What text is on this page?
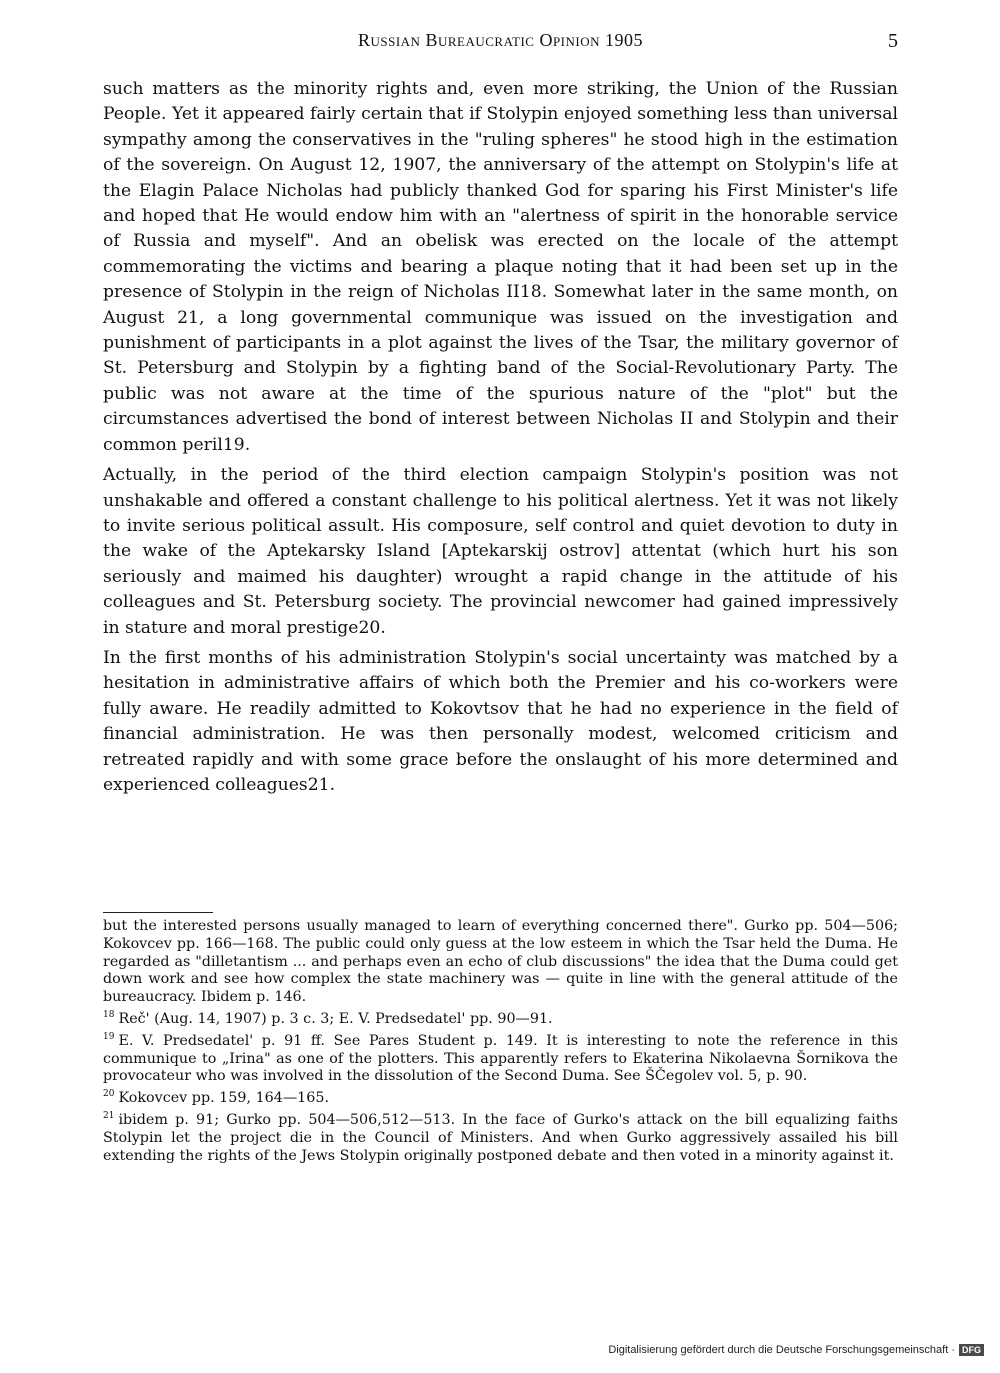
Russian Bureaucratic Opinion 1905	5

such matters as the minority rights and, even more striking, the Union of the Russian People. Yet it appeared fairly certain that if Stolypin enjoyed something less than universal sympathy among the conservatives in the "ruling spheres" he stood high in the estimation of the sovereign. On August 12, 1907, the anniversary of the attempt on Stolypin's life at the Elagin Palace Nicholas had publicly thanked God for sparing his First Minister's life and hoped that He would endow him with an "alertness of spirit in the honorable service of Russia and myself". And an obelisk was erected on the locale of the attempt commemorating the victims and bearing a plaque noting that it had been set up in the presence of Stolypin in the reign of Nicholas II18. Somewhat later in the same month, on August 21, a long governmental communique was issued on the investigation and punishment of participants in a plot against the lives of the Tsar, the military governor of St. Petersburg and Stolypin by a fighting band of the Social-Revolutionary Party. The public was not aware at the time of the spurious nature of the "plot" but the circumstances advertised the bond of interest between Nicholas II and Stolypin and their common peril19.

Actually, in the period of the third election campaign Stolypin's position was not unshakable and offered a constant challenge to his political alertness. Yet it was not likely to invite serious political assult. His composure, self control and quiet devotion to duty in the wake of the Aptekarsky Island [Aptekarskij ostrov] attentat (which hurt his son seriously and maimed his daughter) wrought a rapid change in the attitude of his colleagues and St. Petersburg society. The provincial newcomer had gained impressively in stature and moral prestige20.

In the first months of his administration Stolypin's social uncertainty was matched by a hesitation in administrative affairs of which both the Premier and his co-workers were fully aware. He readily admitted to Kokovtsov that he had no experience in the field of financial administration. He was then personally modest, welcomed criticism and retreated rapidly and with some grace before the onslaught of his more determined and experienced colleagues21.

but the interested persons usually managed to learn of everything concerned there". Gurko pp. 504—506; Kokovcev pp. 166—168. The public could only guess at the low esteem in which the Tsar held the Duma. He regarded as "dilletantism ... and perhaps even an echo of club discussions" the idea that the Duma could get down work and see how complex the state machinery was — quite in line with the general attitude of the bureaucracy. Ibidem p. 146.

$^{18}$ Reč' (Aug. 14, 1907) p. 3 c. 3; E. V. Predsedatel' pp. 90—91.

$^{19}$ E. V. Predsedatel' p. 91 ff. See Pares Student p. 149. It is interesting to note the reference in this communique to „Irina" as one of the plotters. This apparently refers to Ekaterina Nikolaevna Šornikova the provocateur who was involved in the dissolution of the Second Duma. See ŠČegolev vol. 5, p. 90.

$^{20}$ Kokovcev pp. 159, 164—165.

$^{21}$ ibidem p. 91; Gurko pp. 504—506,512—513. In the face of Gurko's attack on the bill equalizing faiths Stolypin let the project die in the Council of Ministers. And when Gurko aggressively assailed his bill extending the rights of the Jews Stolypin originally postponed debate and then voted in a minority against it.

Digitalisierung gefördert durch die Deutsche Forschungsgemeinschaft · DFG
